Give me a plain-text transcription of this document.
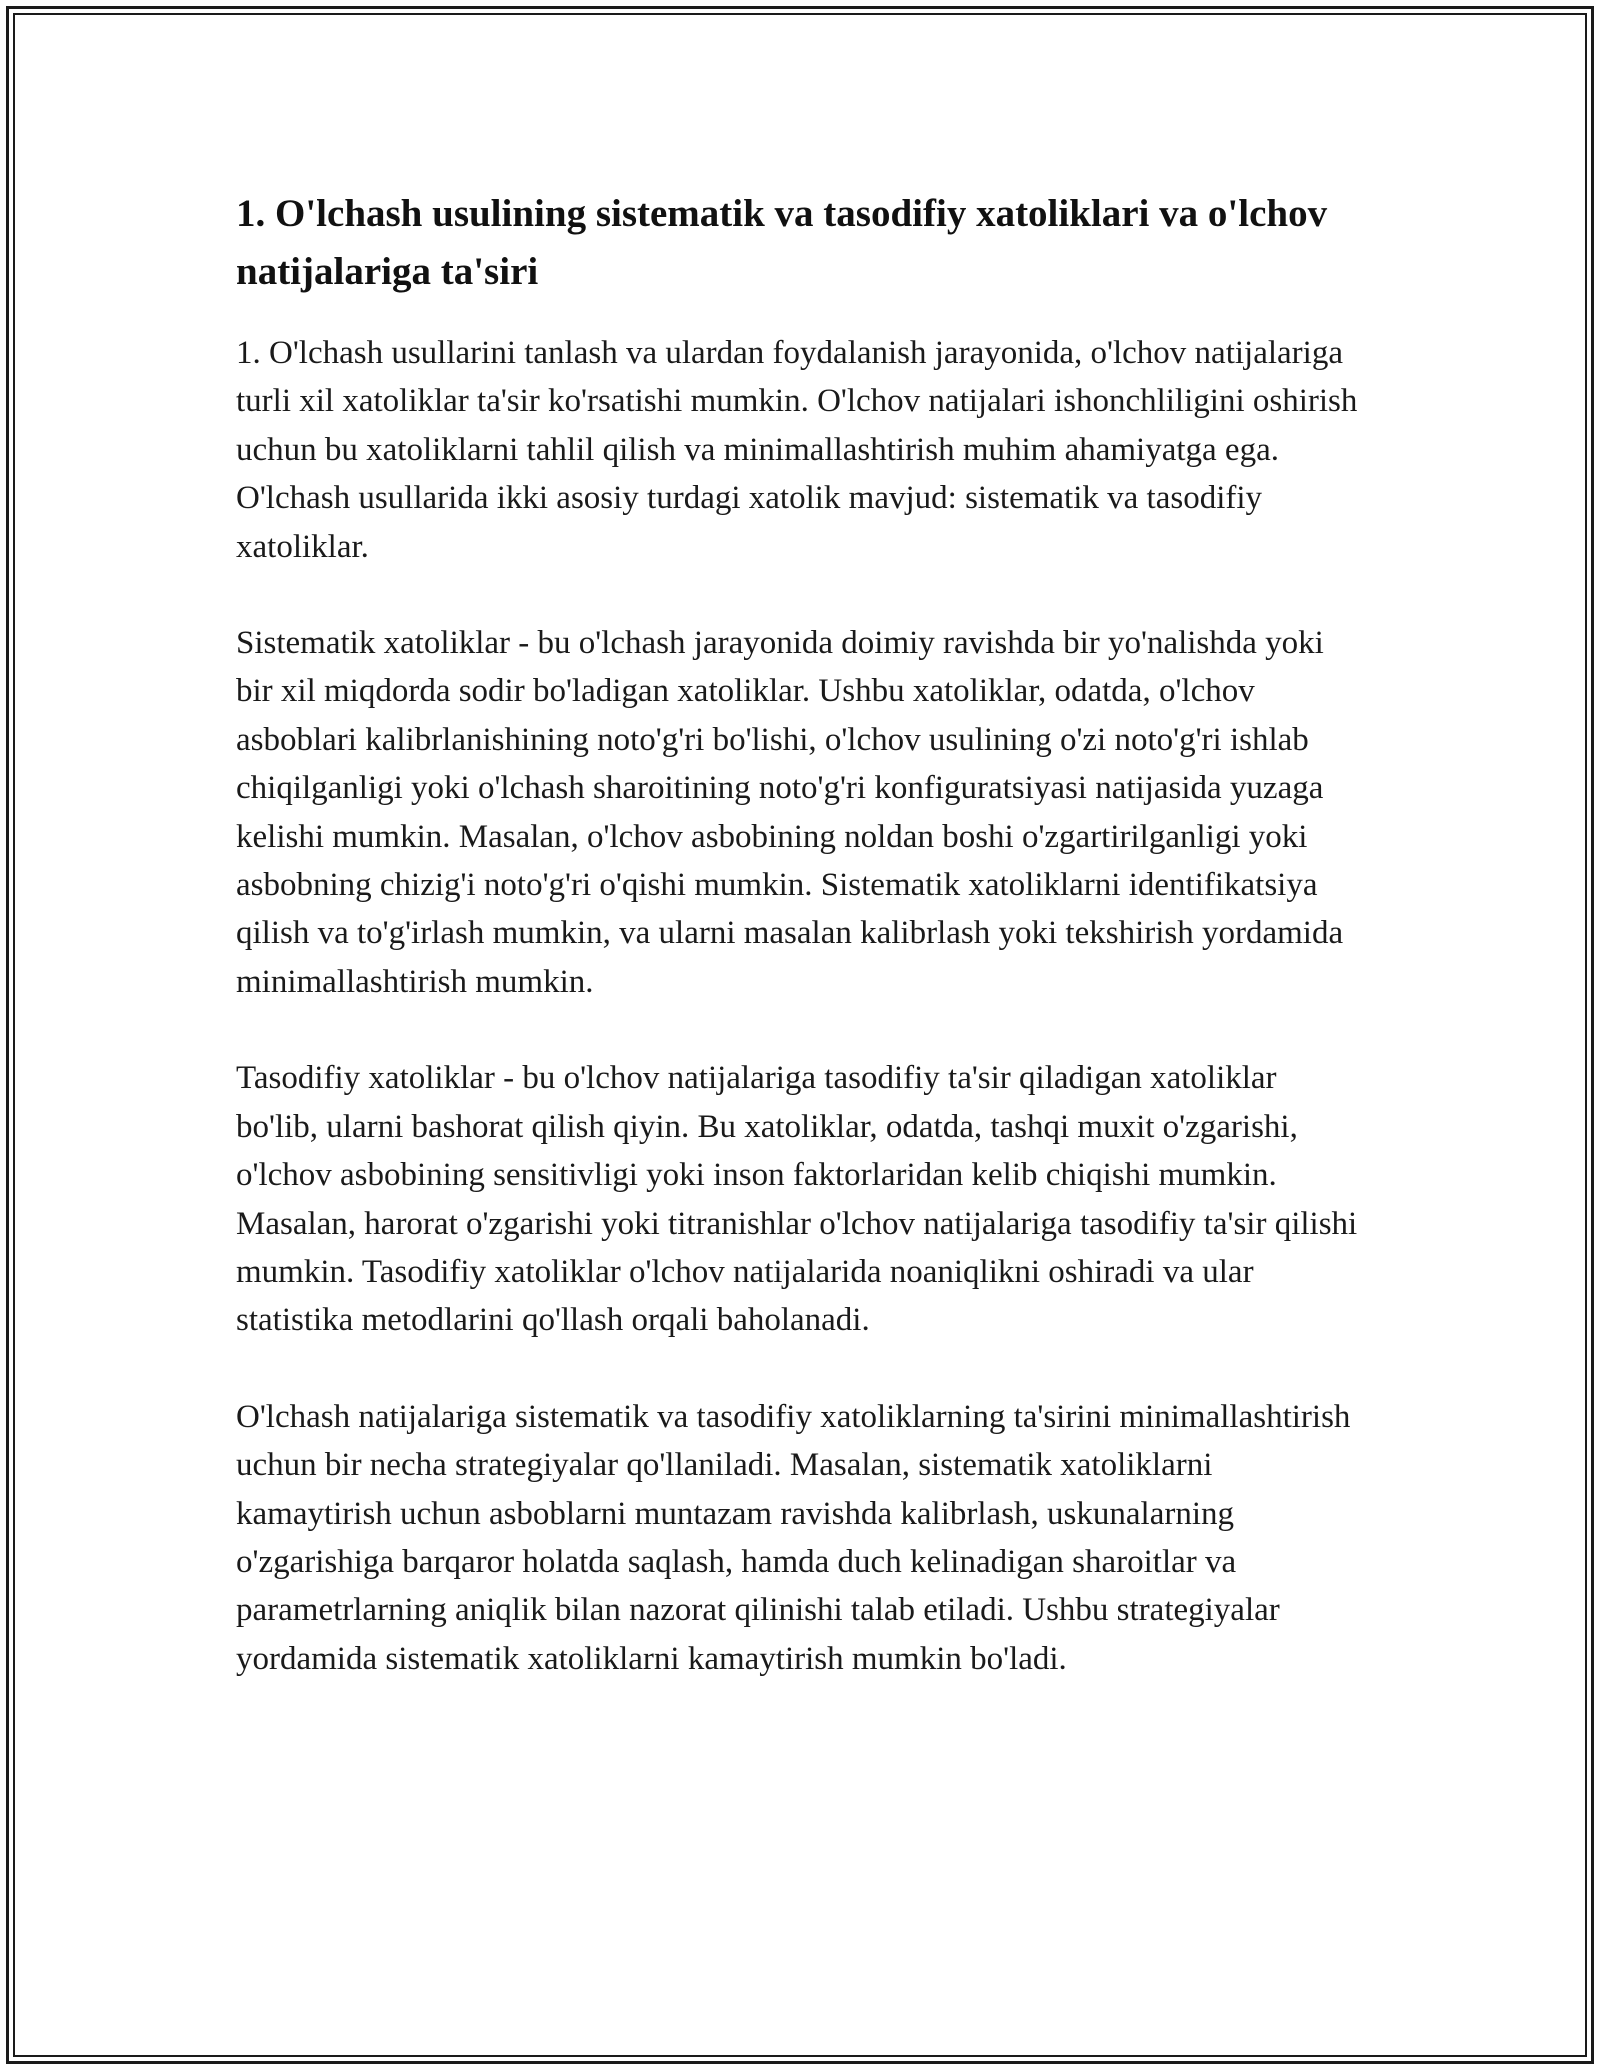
1. O'lchash usulining sistematik va tasodifiy xatoliklari va o'lchov natijalariga ta'siri

1. O'lchash usullarini tanlash va ulardan foydalanish jarayonida, o'lchov natijalariga turli xil xatoliklar ta'sir ko'rsatishi mumkin. O'lchov natijalari ishonchliligini oshirish uchun bu xatoliklarni tahlil qilish va minimallashtirish muhim ahamiyatga ega. O'lchash usullarida ikki asosiy turdagi xatolik mavjud: sistematik va tasodifiy xatoliklar.

Sistematik xatoliklar - bu o'lchash jarayonida doimiy ravishda bir yo'nalishda yoki bir xil miqdorda sodir bo'ladigan xatoliklar. Ushbu xatoliklar, odatda, o'lchov asboblari kalibrlanishining noto'g'ri bo'lishi, o'lchov usulining o'zi noto'g'ri ishlab chiqilganligi yoki o'lchash sharoitining noto'g'ri konfiguratsiyasi natijasida yuzaga kelishi mumkin. Masalan, o'lchov asbobining noldan boshi o'zgartirilganligi yoki asbobning chizig'i noto'g'ri o'qishi mumkin. Sistematik xatoliklarni identifikatsiya qilish va to'g'irlash mumkin, va ularni masalan kalibrlash yoki tekshirish yordamida minimallashtirish mumkin.

Tasodifiy xatoliklar - bu o'lchov natijalariga tasodifiy ta'sir qiladigan xatoliklar bo'lib, ularni bashorat qilish qiyin. Bu xatoliklar, odatda, tashqi muxit o'zgarishi, o'lchov asbobining sensitivligi yoki inson faktorlaridan kelib chiqishi mumkin. Masalan, harorat o'zgarishi yoki titranishlar o'lchov natijalariga tasodifiy ta'sir qilishi mumkin. Tasodifiy xatoliklar o'lchov natijalarida noaniqlikni oshiradi va ular statistika metodlarini qo'llash orqali baholanadi.

O'lchash natijalariga sistematik va tasodifiy xatoliklarning ta'sirini minimallashtirish uchun bir necha strategiyalar qo'llaniladi. Masalan, sistematik xatoliklarni kamaytirish uchun asboblarni muntazam ravishda kalibrlash, uskunalarning o'zgarishiga barqaror holatda saqlash, hamda duch kelinadigan sharoitlar va parametrlarning aniqlik bilan nazorat qilinishi talab etiladi. Ushbu strategiyalar yordamida sistematik xatoliklarni kamaytirish mumkin bo'ladi.
